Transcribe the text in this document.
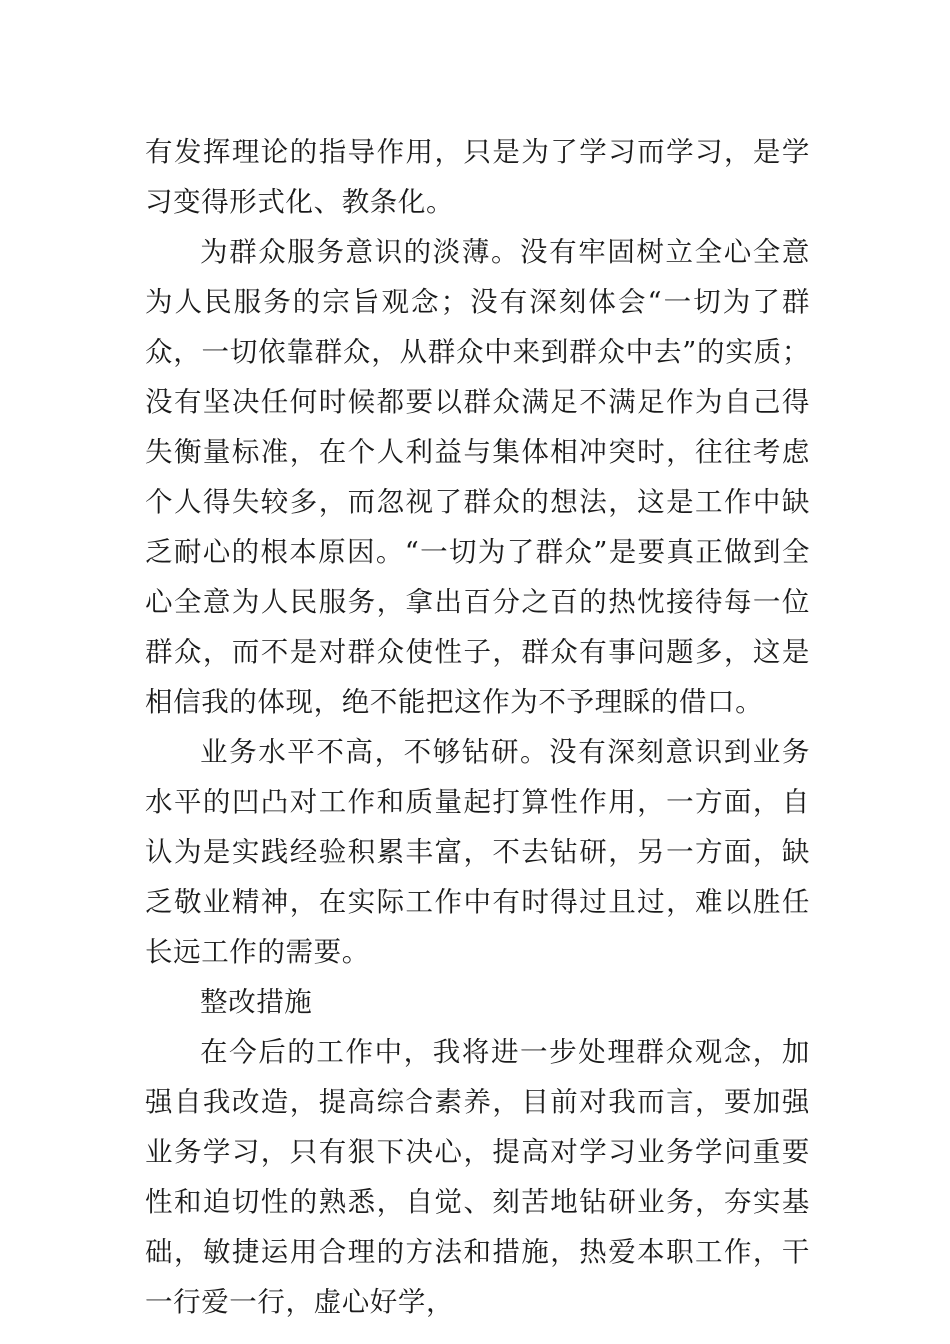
有发挥理论的指导作用，只是为了学习而学习，是学习变得形式化、教条化。

为群众服务意识的淡薄。没有牢固树立全心全意为人民服务的宗旨观念；没有深刻体会“一切为了群众，一切依靠群众，从群众中来到群众中去”的实质；没有坚决任何时候都要以群众满足不满足作为自己得失衡量标准，在个人利益与集体相冲突时，往往考虑个人得失较多，而忽视了群众的想法，这是工作中缺乏耐心的根本原因。“一切为了群众”是要真正做到全心全意为人民服务，拿出百分之百的热忱接待每一位群众，而不是对群众使性子，群众有事问题多，这是相信我的体现，绝不能把这作为不予理睬的借口。

业务水平不高，不够钻研。没有深刻意识到业务水平的凹凸对工作和质量起打算性作用，一方面，自认为是实践经验积累丰富，不去钻研，另一方面，缺乏敬业精神，在实际工作中有时得过且过，难以胜任长远工作的需要。

整改措施

在今后的工作中，我将进一步处理群众观念，加强自我改造，提高综合素养，目前对我而言，要加强业务学习，只有狠下决心，提高对学习业务学问重要性和迫切性的熟悉，自觉、刻苦地钻研业务，夯实基础，敏捷运用合理的方法和措施，热爱本职工作，干一行爱一行，虚心好学，
